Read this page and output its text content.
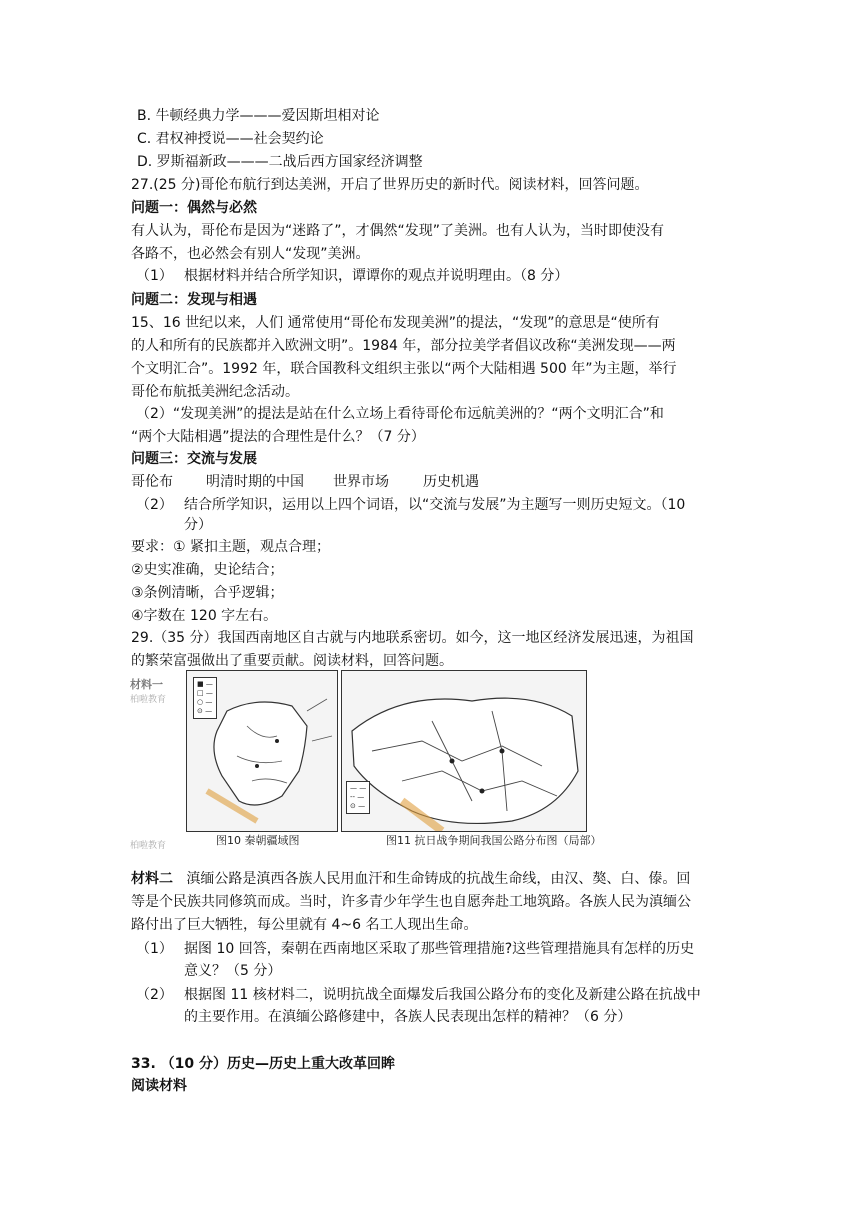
B. 牛顿经典力学———爱因斯坦相对论
C. 君权神授说——社会契约论
D. 罗斯福新政———二战后西方国家经济调整
27.(25 分)哥伦布航行到达美洲，开启了世界历史的新时代。阅读材料，回答问题。
问题一：偶然与必然
有人认为，哥伦布是因为“迷路了”，才偶然“发现”了美洲。也有人认为，当时即使没有
各路不，也必然会有别人“发现”美洲。
（1） 根据材料并结合所学知识，谭谭你的观点并说明理由。（8 分）
问题二：发现与相遇
15、16 世纪以来，人们 通常使用“哥伦布发现美洲”的提法，“发现”的意思是“使所有
的人和所有的民族都并入欧洲文明”。1984 年，部分拉美学者倡议改称“美洲发现——两
个文明汇合”。1992 年，联合国教科文组织主张以“两个大陆相遇 500 年”为主题，举行
哥伦布航抵美洲纪念活动。
（2）“发现美洲”的提法是站在什么立场上看待哥伦布远航美洲的？“两个文明汇合”和
“两个大陆相遇”提法的合理性是什么？（7 分）
问题三：交流与发展
哥伦布 明清时期的中国 世界市场 历史机遇
（2） 结合所学知识，运用以上四个词语，以“交流与发展”为主题写一则历史短文。（10
分）
要求：① 紧扣主题，观点合理；
②史实准确，史论结合；
③条例清晰，合乎逻辑；
④字数在 120 字左右。
29.（35 分）我国西南地区自古就与内地联系密切。如今，这一地区经济发展迅速，为祖国
的繁荣富强做出了重要贡献。阅读材料，回答问题。
材料一
柏啦教育
■ —
□ —
○ —
⊙ —
— —
-- —
⊙ —
图10 秦朝疆域图	图11 抗日战争期间我国公路分布图（局部）
柏啦教育
材料二 滇缅公路是滇西各族人民用血汗和生命铸成的抗战生命线，由汉、獒、白、傣。回
等是个民族共同修筑而成。当时，许多青少年学生也自愿奔赴工地筑路。各族人民为滇缅公
路付出了巨大牺牲，每公里就有 4~6 名工人现出生命。
（1） 据图 10 回答，秦朝在西南地区采取了那些管理措施?这些管理措施具有怎样的历史
意义？（5 分）
（2） 根据图 11 核材料二，说明抗战全面爆发后我国公路分布的变化及新建公路在抗战中
的主要作用。在滇缅公路修建中，各族人民表现出怎样的精神？（6 分）
33. （10 分）历史—历史上重大改革回眸
阅读材料
